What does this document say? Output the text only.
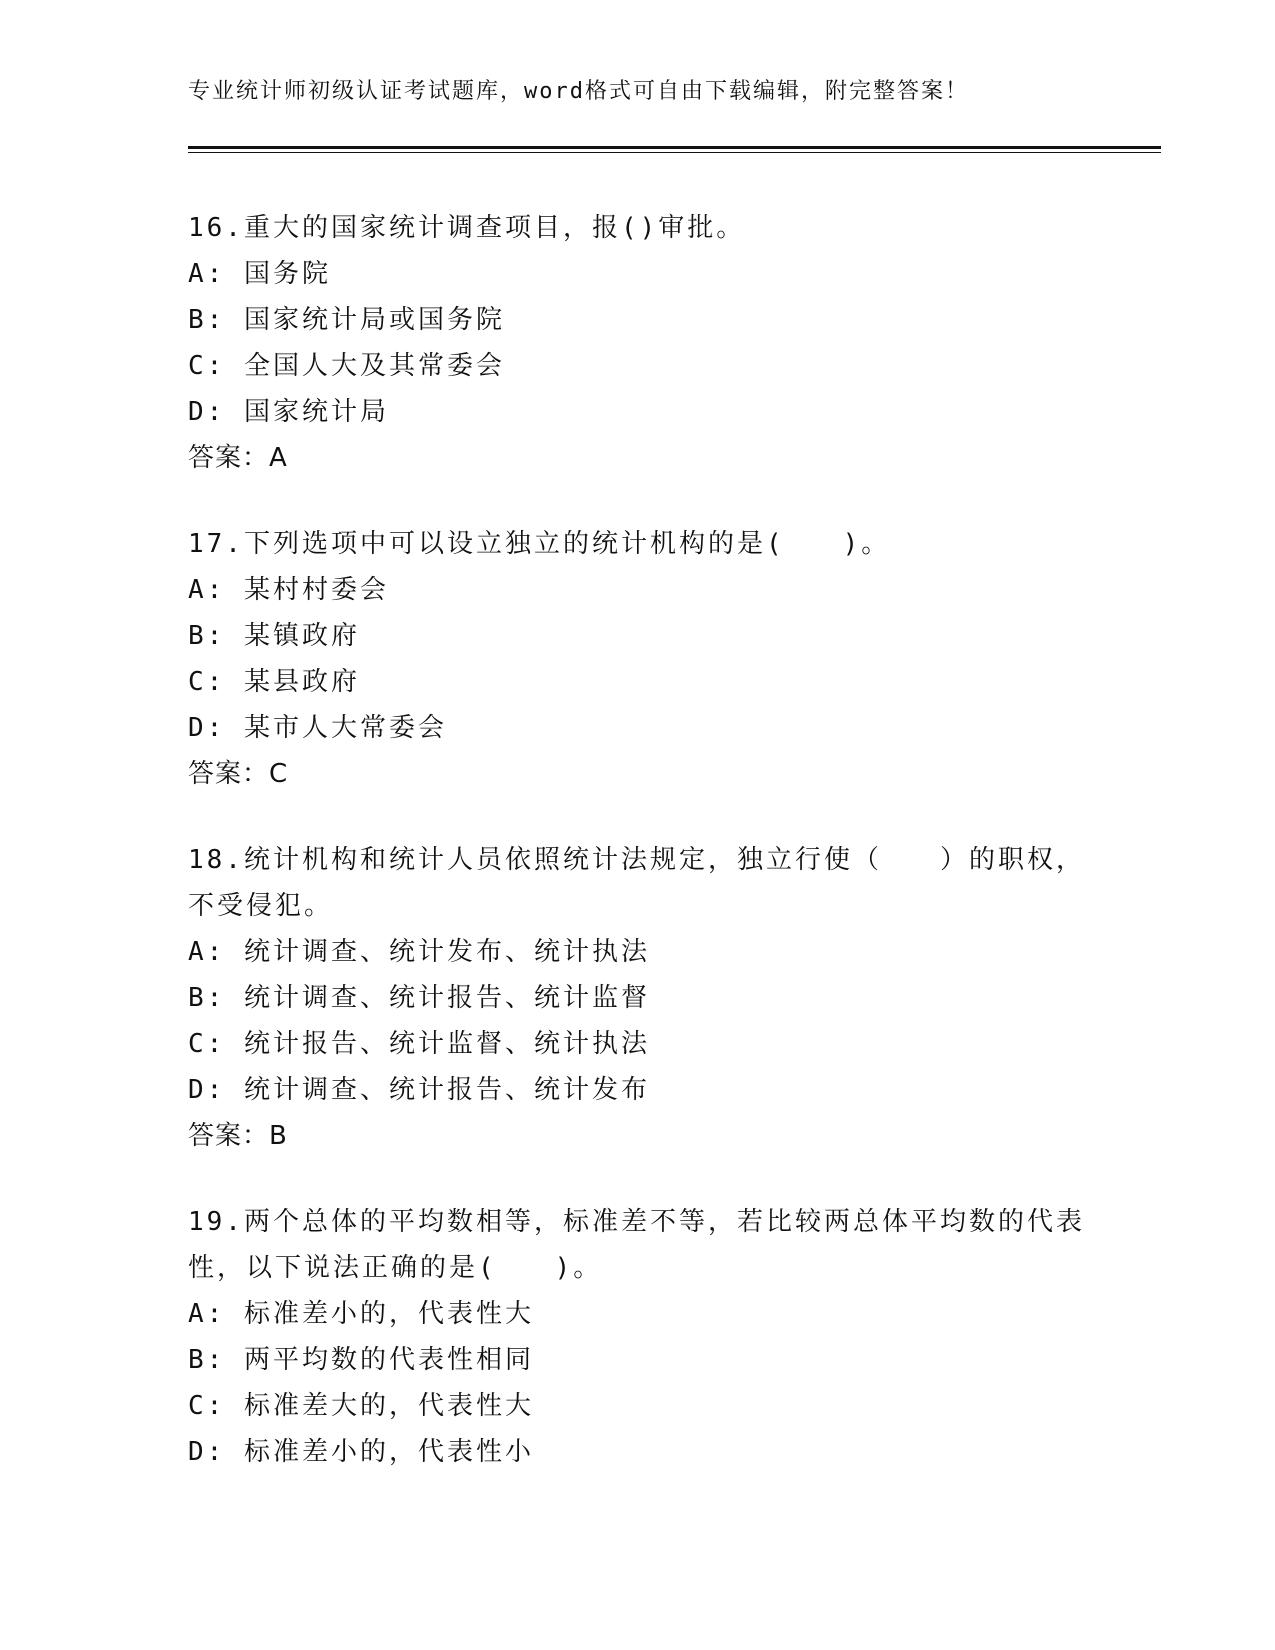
专业统计师初级认证考试题库，word格式可自由下载编辑，附完整答案！
16.重大的国家统计调查项目，报()审批。
A: 国务院
B: 国家统计局或国务院
C: 全国人大及其常委会
D: 国家统计局
答案：A
17.下列选项中可以设立独立的统计机构的是(　　)。
A: 某村村委会
B: 某镇政府
C: 某县政府
D: 某市人大常委会
答案：C
18.统计机构和统计人员依照统计法规定，独立行使（　　）的职权，不受侵犯。
A: 统计调查、统计发布、统计执法
B: 统计调查、统计报告、统计监督
C: 统计报告、统计监督、统计执法
D: 统计调查、统计报告、统计发布
答案：B
19.两个总体的平均数相等，标准差不等，若比较两总体平均数的代表性，以下说法正确的是(　　)。
A: 标准差小的，代表性大
B: 两平均数的代表性相同
C: 标准差大的，代表性大
D: 标准差小的，代表性小
